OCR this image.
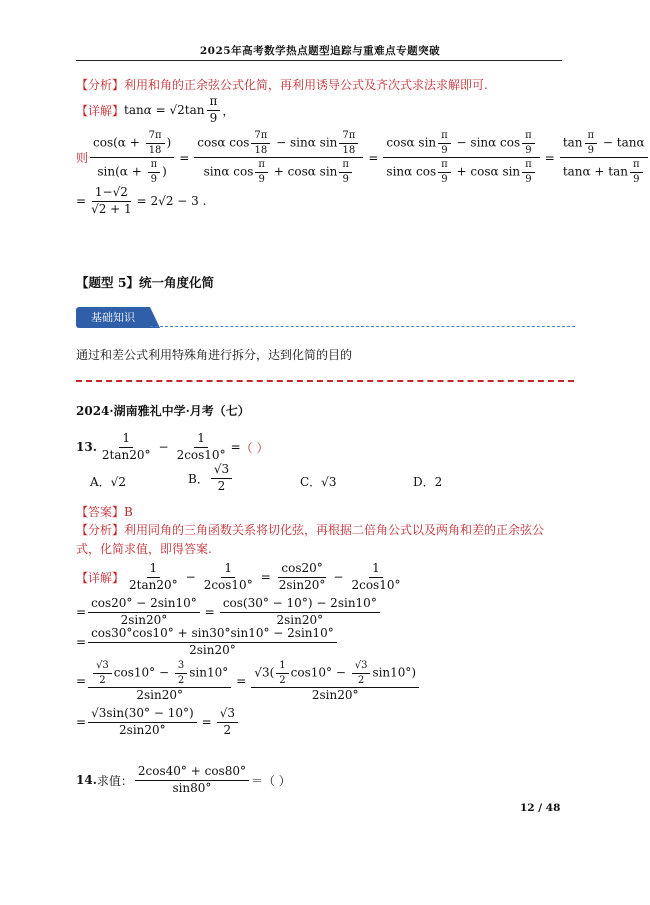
2025年高考数学热点题型追踪与重难点专题突破
【分析】利用和角的正余弦公式化简，再利用诱导公式及齐次式求法求解即可.
【详解】 $\tan\alpha = √2\tan \frac{\pi}{9}$ ，
则 $\frac{\cos(\alpha + \frac{7\pi}{18} )}{\sin(\alpha + \frac{\pi}{9} )} = \frac{\cos\alpha \cos \frac{7\pi}{18} - \sin\alpha \sin \frac{7\pi}{18}}{\sin\alpha \cos \frac{\pi}{9} + \cos\alpha \sin \frac{\pi}{9}} = \frac{\cos\alpha \sin \frac{\pi}{9} - \sin\alpha \cos \frac{\pi}{9}}{\sin\alpha \cos \frac{\pi}{9} + \cos\alpha \sin \frac{\pi}{9}} = \frac{\tan \frac{\pi}{9} - \tan\alpha}{\tan\alpha + \tan \frac{\pi}{9}}$
= $\frac{1-√2}{√2 + 1} = 2√2 - 3$ .
【题型 5】统一角度化简
基础知识
通过和差公式利用特殊角进行拆分，达到化简的目的
2024·湖南雅礼中学·月考（七）
13. $\frac{1}{2\tan 20^\circ} - \frac{1}{2\cos 10^\circ}$ = （ ）
A．√2	B． $\frac{√3}{2}$	C．√3	D．2
【答案】B
【分析】利用同角的三角函数关系将切化弦，再根据二倍角公式以及两角和差的正余弦公式，化简求值，即得答案.
【详解】 $\frac{1}{2\tan 20^\circ} - \frac{1}{2\cos 10^\circ} = \frac{\cos 20^\circ}{2\sin 20^\circ} - \frac{1}{2\cos 10^\circ}$
= $\frac{\cos 20^\circ - 2\sin 10^\circ}{2\sin 20^\circ} = \frac{\cos(30^\circ - 10^\circ) - 2\sin 10^\circ}{2\sin 20^\circ}$
= $\frac{\cos 30^\circ\cos 10^\circ + \sin 30^\circ\sin 10^\circ - 2\sin 10^\circ}{2\sin 20^\circ}$
= $\frac{\frac{√3}{2} \cos 10^\circ - \frac{3}{2} \sin 10^\circ}{2\sin 20^\circ} = \frac{√3( \frac{1}{2} \cos 10^\circ - \frac{√3}{2} \sin 10^\circ)}{2\sin 20^\circ}$
= $\frac{√3\sin(30^\circ - 10^\circ)}{2\sin 20^\circ} = \frac{√3}{2}$
14. 求值： $\frac{2\cos 40^\circ + \cos 80^\circ}{\sin 80^\circ}$ ＝（ ）
12 / 48
